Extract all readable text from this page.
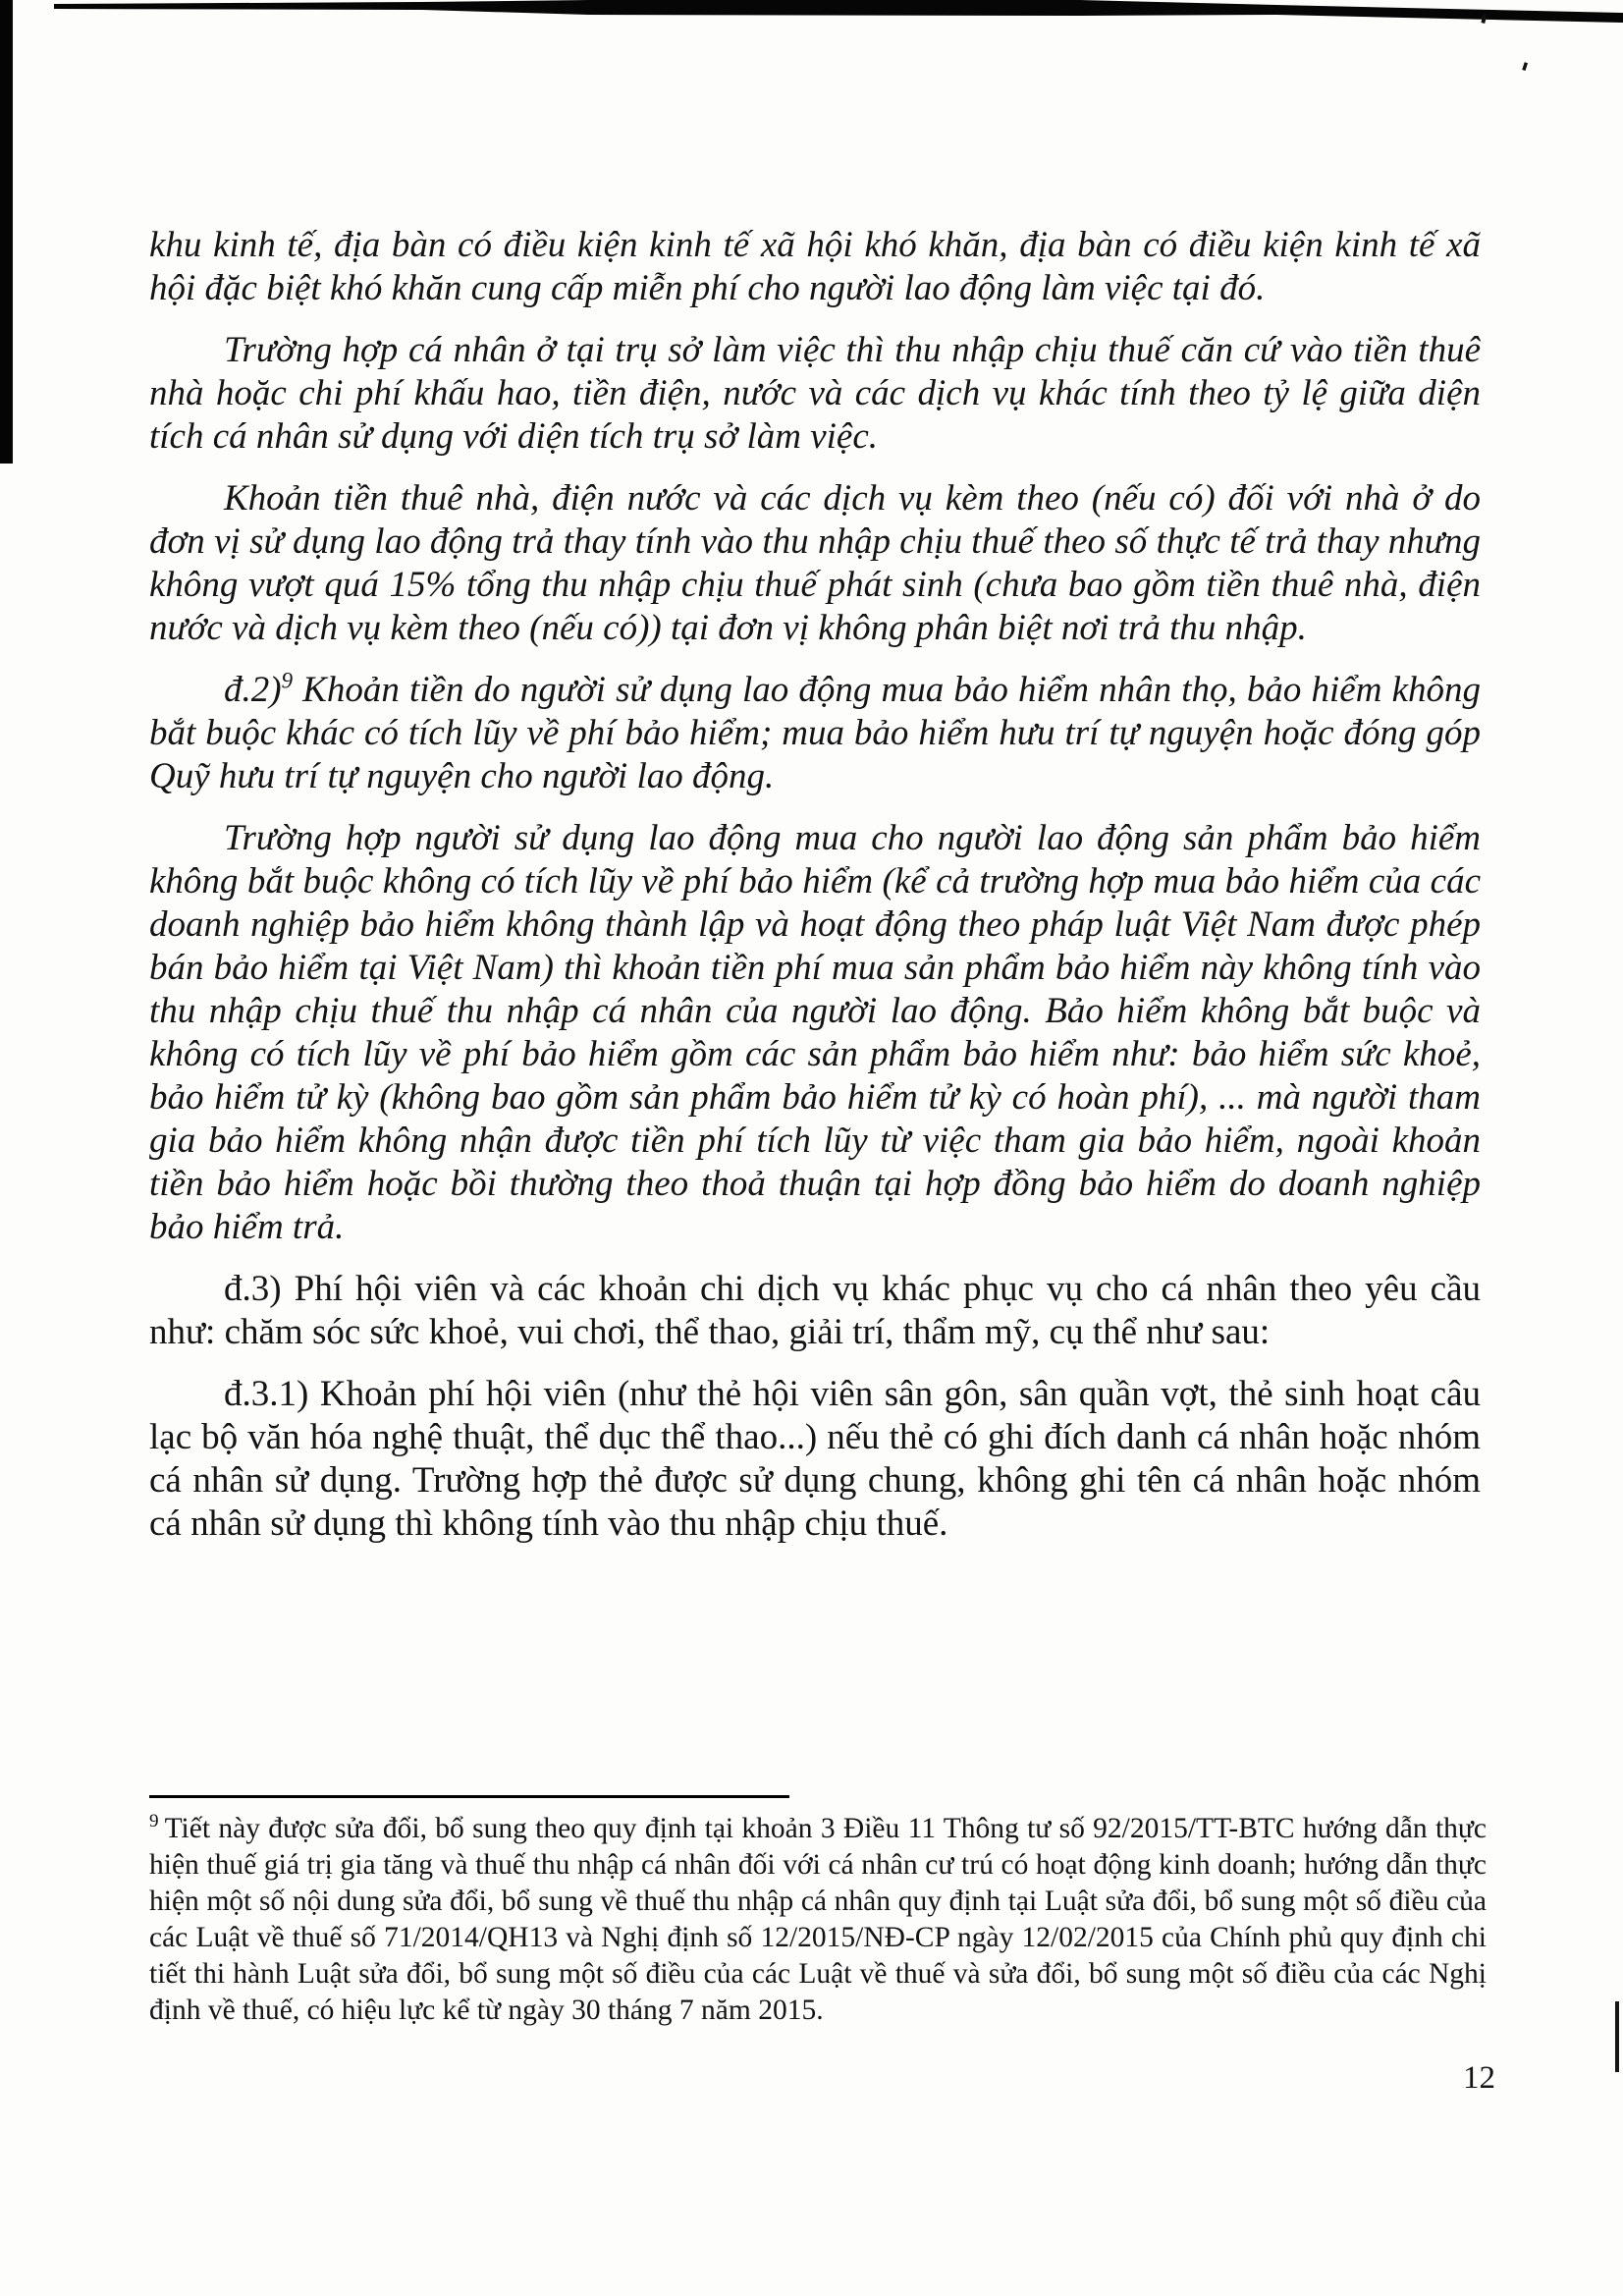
'
'

khu kinh tế, địa bàn có điều kiện kinh tế xã hội khó khăn, địa bàn có điều kiện kinh tế xã hội đặc biệt khó khăn cung cấp miễn phí cho người lao động làm việc tại đó.

Trường hợp cá nhân ở tại trụ sở làm việc thì thu nhập chịu thuế căn cứ vào tiền thuê nhà hoặc chi phí khấu hao, tiền điện, nước và các dịch vụ khác tính theo tỷ lệ giữa diện tích cá nhân sử dụng với diện tích trụ sở làm việc.

Khoản tiền thuê nhà, điện nước và các dịch vụ kèm theo (nếu có) đối với nhà ở do đơn vị sử dụng lao động trả thay tính vào thu nhập chịu thuế theo số thực tế trả thay nhưng không vượt quá 15% tổng thu nhập chịu thuế phát sinh (chưa bao gồm tiền thuê nhà, điện nước và dịch vụ kèm theo (nếu có)) tại đơn vị không phân biệt nơi trả thu nhập.

đ.2)$^9$ Khoản tiền do người sử dụng lao động mua bảo hiểm nhân thọ, bảo hiểm không bắt buộc khác có tích lũy về phí bảo hiểm; mua bảo hiểm hưu trí tự nguyện hoặc đóng góp Quỹ hưu trí tự nguyện cho người lao động.

Trường hợp người sử dụng lao động mua cho người lao động sản phẩm bảo hiểm không bắt buộc không có tích lũy về phí bảo hiểm (kể cả trường hợp mua bảo hiểm của các doanh nghiệp bảo hiểm không thành lập và hoạt động theo pháp luật Việt Nam được phép bán bảo hiểm tại Việt Nam) thì khoản tiền phí mua sản phẩm bảo hiểm này không tính vào thu nhập chịu thuế thu nhập cá nhân của người lao động. Bảo hiểm không bắt buộc và không có tích lũy về phí bảo hiểm gồm các sản phẩm bảo hiểm như: bảo hiểm sức khoẻ, bảo hiểm tử kỳ (không bao gồm sản phẩm bảo hiểm tử kỳ có hoàn phí), ... mà người tham gia bảo hiểm không nhận được tiền phí tích lũy từ việc tham gia bảo hiểm, ngoài khoản tiền bảo hiểm hoặc bồi thường theo thoả thuận tại hợp đồng bảo hiểm do doanh nghiệp bảo hiểm trả.

đ.3) Phí hội viên và các khoản chi dịch vụ khác phục vụ cho cá nhân theo yêu cầu như: chăm sóc sức khoẻ, vui chơi, thể thao, giải trí, thẩm mỹ, cụ thể như sau:

đ.3.1) Khoản phí hội viên (như thẻ hội viên sân gôn, sân quần vợt, thẻ sinh hoạt câu lạc bộ văn hóa nghệ thuật, thể dục thể thao...) nếu thẻ có ghi đích danh cá nhân hoặc nhóm cá nhân sử dụng. Trường hợp thẻ được sử dụng chung, không ghi tên cá nhân hoặc nhóm cá nhân sử dụng thì không tính vào thu nhập chịu thuế.

$^9$ Tiết này được sửa đổi, bổ sung theo quy định tại khoản 3 Điều 11 Thông tư số 92/2015/TT-BTC hướng dẫn thực hiện thuế giá trị gia tăng và thuế thu nhập cá nhân đối với cá nhân cư trú có hoạt động kinh doanh; hướng dẫn thực hiện một số nội dung sửa đổi, bổ sung về thuế thu nhập cá nhân quy định tại Luật sửa đổi, bổ sung một số điều của các Luật về thuế số 71/2014/QH13 và Nghị định số 12/2015/NĐ-CP ngày 12/02/2015 của Chính phủ quy định chi tiết thi hành Luật sửa đổi, bổ sung một số điều của các Luật về thuế và sửa đổi, bổ sung một số điều của các Nghị định về thuế, có hiệu lực kể từ ngày 30 tháng 7 năm 2015.
12
